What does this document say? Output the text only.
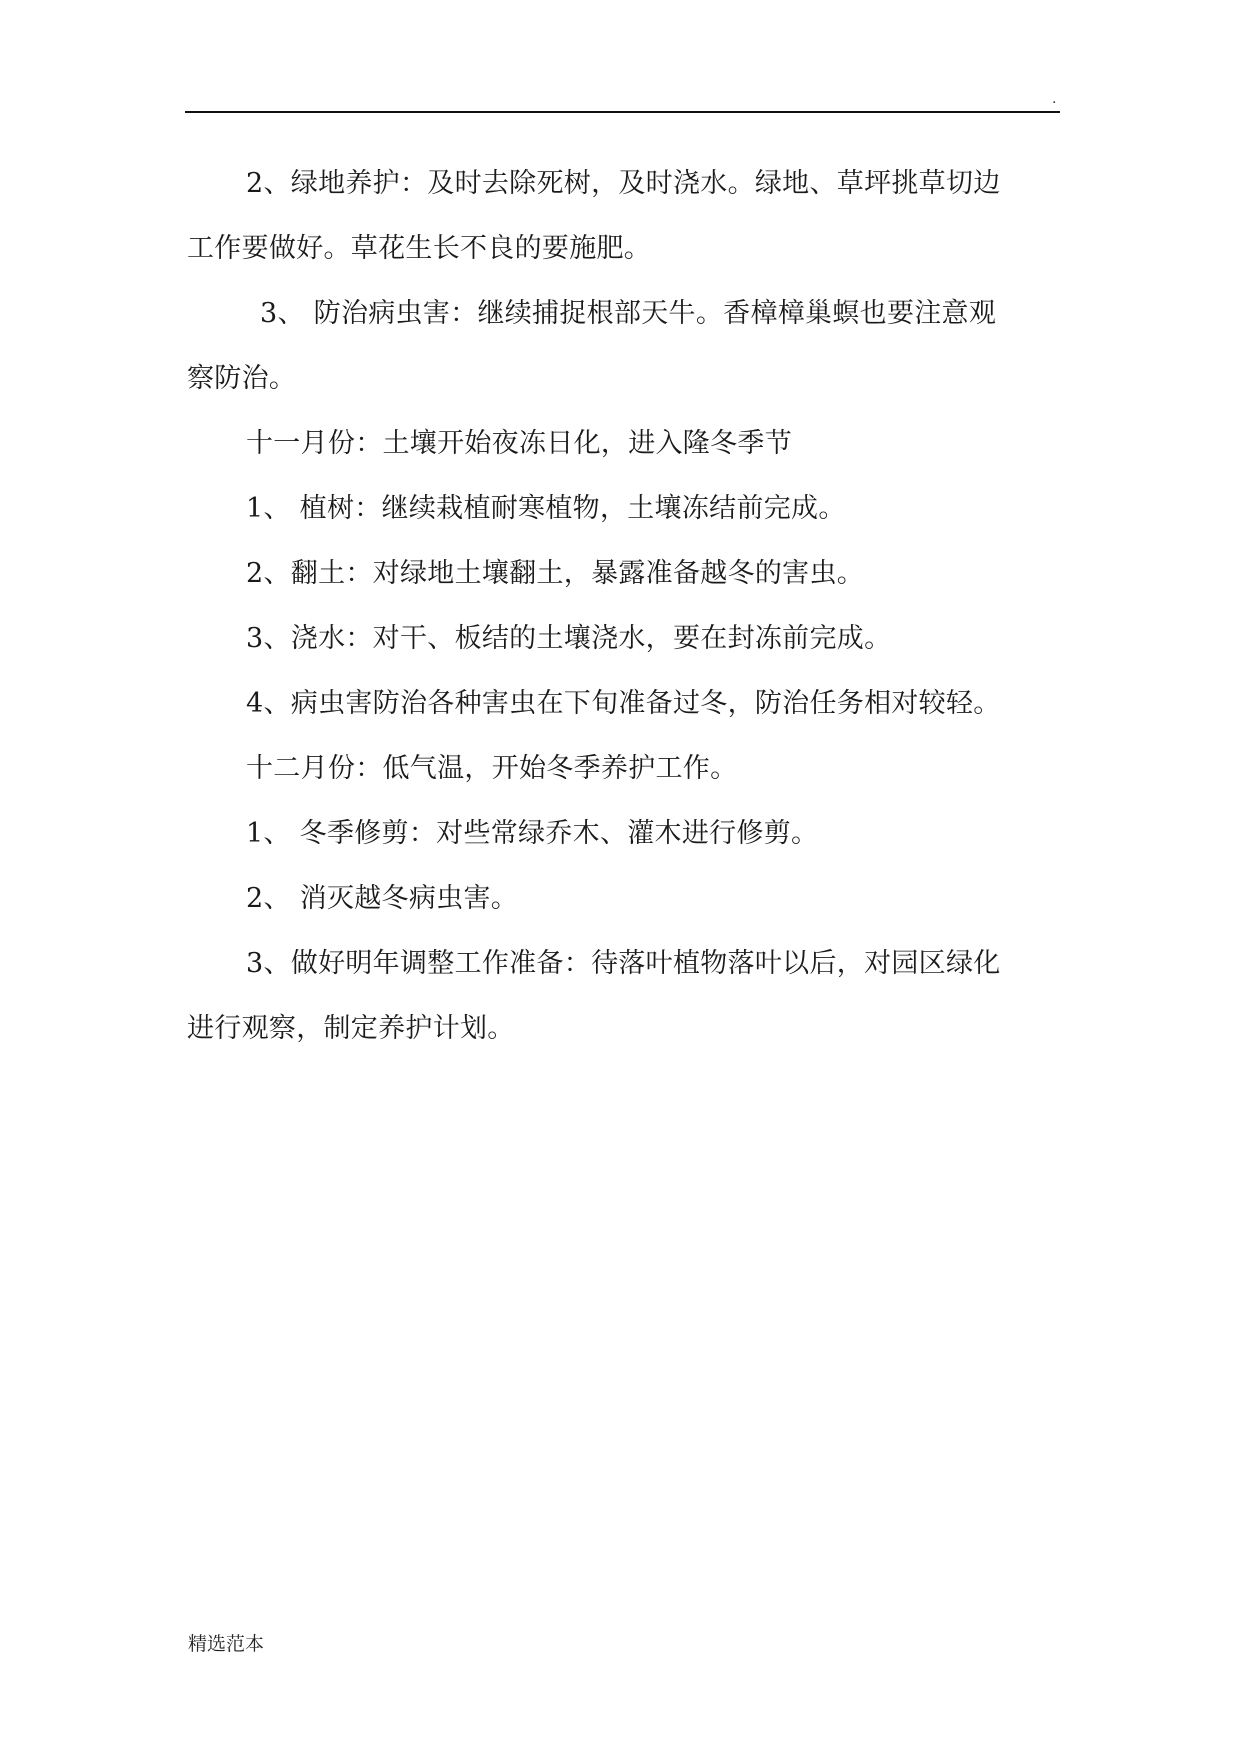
.
2、绿地养护：及时去除死树，及时浇水。绿地、草坪挑草切边
工作要做好。草花生长不良的要施肥。
3、 防治病虫害：继续捕捉根部天牛。香樟樟巢螟也要注意观
察防治。
十一月份：土壤开始夜冻日化，进入隆冬季节
1、 植树：继续栽植耐寒植物，土壤冻结前完成。
2、翻土：对绿地土壤翻土，暴露准备越冬的害虫。
3、浇水：对干、板结的土壤浇水，要在封冻前完成。
4、病虫害防治各种害虫在下旬准备过冬，防治任务相对较轻。
十二月份：低气温，开始冬季养护工作。
1、 冬季修剪：对些常绿乔木、灌木进行修剪。
2、 消灭越冬病虫害。
3、做好明年调整工作准备：待落叶植物落叶以后，对园区绿化
进行观察，制定养护计划。
精选范本
